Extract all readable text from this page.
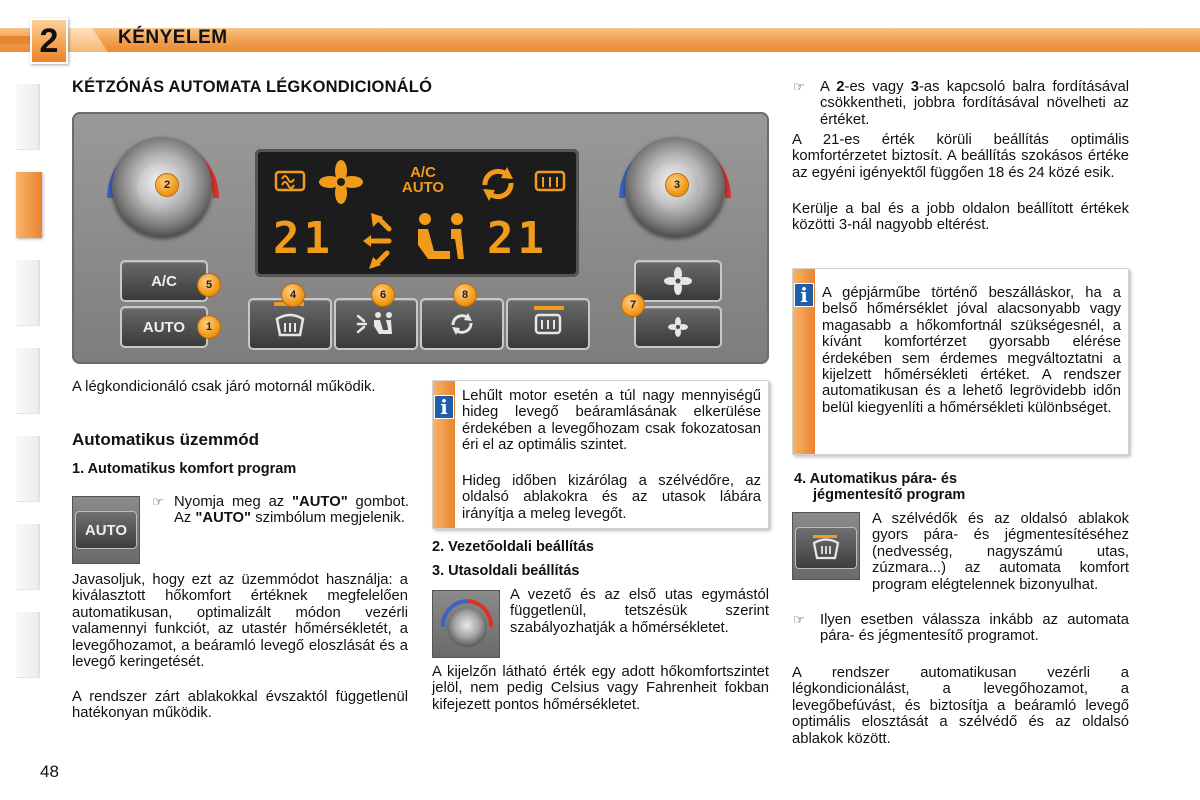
2	KÉNYELEM
KÉTZÓNÁS AUTOMATA LÉGKONDICIONÁLÓ
A/C
AUTO
21	21
A/C
AUTO
2	3
5
1
4	6	8
7
A légkondicionáló csak járó motornál működik.
Automatikus üzemmód
1. Automatikus komfort program
AUTO
☞ Nyomja meg az "AUTO" gombot. Az "AUTO" szimbólum megjelenik.
Javasoljuk, hogy ezt az üzemmódot használja: a kiválasztott hőkomfort értéknek megfelelően automatikusan, optimalizált módon vezérli valamennyi funkciót, az utastér hőmérsékletét, a levegőhozamot, a beáramló levegő eloszlását és a levegő keringetését.
A rendszer zárt ablakokkal évszaktól függetlenül hatékonyan működik.
i Lehűlt motor esetén a túl nagy mennyiségű hideg levegő beáramlásának elkerülése érdekében a levegőhozam csak fokozatosan éri el az optimális szintet.
Hideg időben kizárólag a szélvédőre, az oldalsó ablakokra és az utasok lábára irányítja a meleg levegőt.
2. Vezetőoldali beállítás
3. Utasoldali beállítás
A vezető és az első utas egymástól függetlenül, tetszésük szerint szabályozhatják a hőmérsékletet.
A kijelzőn látható érték egy adott hőkomfortszintet jelöl, nem pedig Celsius vagy Fahrenheit fokban kifejezett pontos hőmérsékletet.
☞ A 2-es vagy 3-as kapcsoló balra fordításával csökkentheti, jobbra fordításával növelheti az értéket.
A 21-es érték körüli beállítás optimális komfortérzetet biztosít. A beállítás szokásos értéke az egyéni igényektől függően 18 és 24 közé esik.
Kerülje a bal és a jobb oldalon beállított értékek közötti 3-nál nagyobb eltérést.
i A gépjárműbe történő beszálláskor, ha a belső hőmérséklet jóval alacsonyabb vagy magasabb a hőkomfortnál szükségesnél, a kívánt komfortérzet gyorsabb elérése érdekében sem érdemes megváltoztatni a kijelzett hőmérsékleti értéket. A rendszer automatikusan és a lehető legrövidebb időn belül kiegyenlíti a hőmérsékleti különbséget.
4. Automatikus pára- és
jégmentesítő program
A szélvédők és az oldalsó ablakok gyors pára- és jégmentesítéséhez (nedvesség, nagyszámú utas, zúzmara...) az automata komfort program elégtelennek bizonyulhat.
☞ Ilyen esetben válassza inkább az automata pára- és jégmentesítő programot.
A rendszer automatikusan vezérli a légkondicionálást, a levegőhozamot, a levegőbefúvást, és biztosítja a beáramló levegő optimális elosztását a szélvédő és az oldalsó ablakok között.
48
